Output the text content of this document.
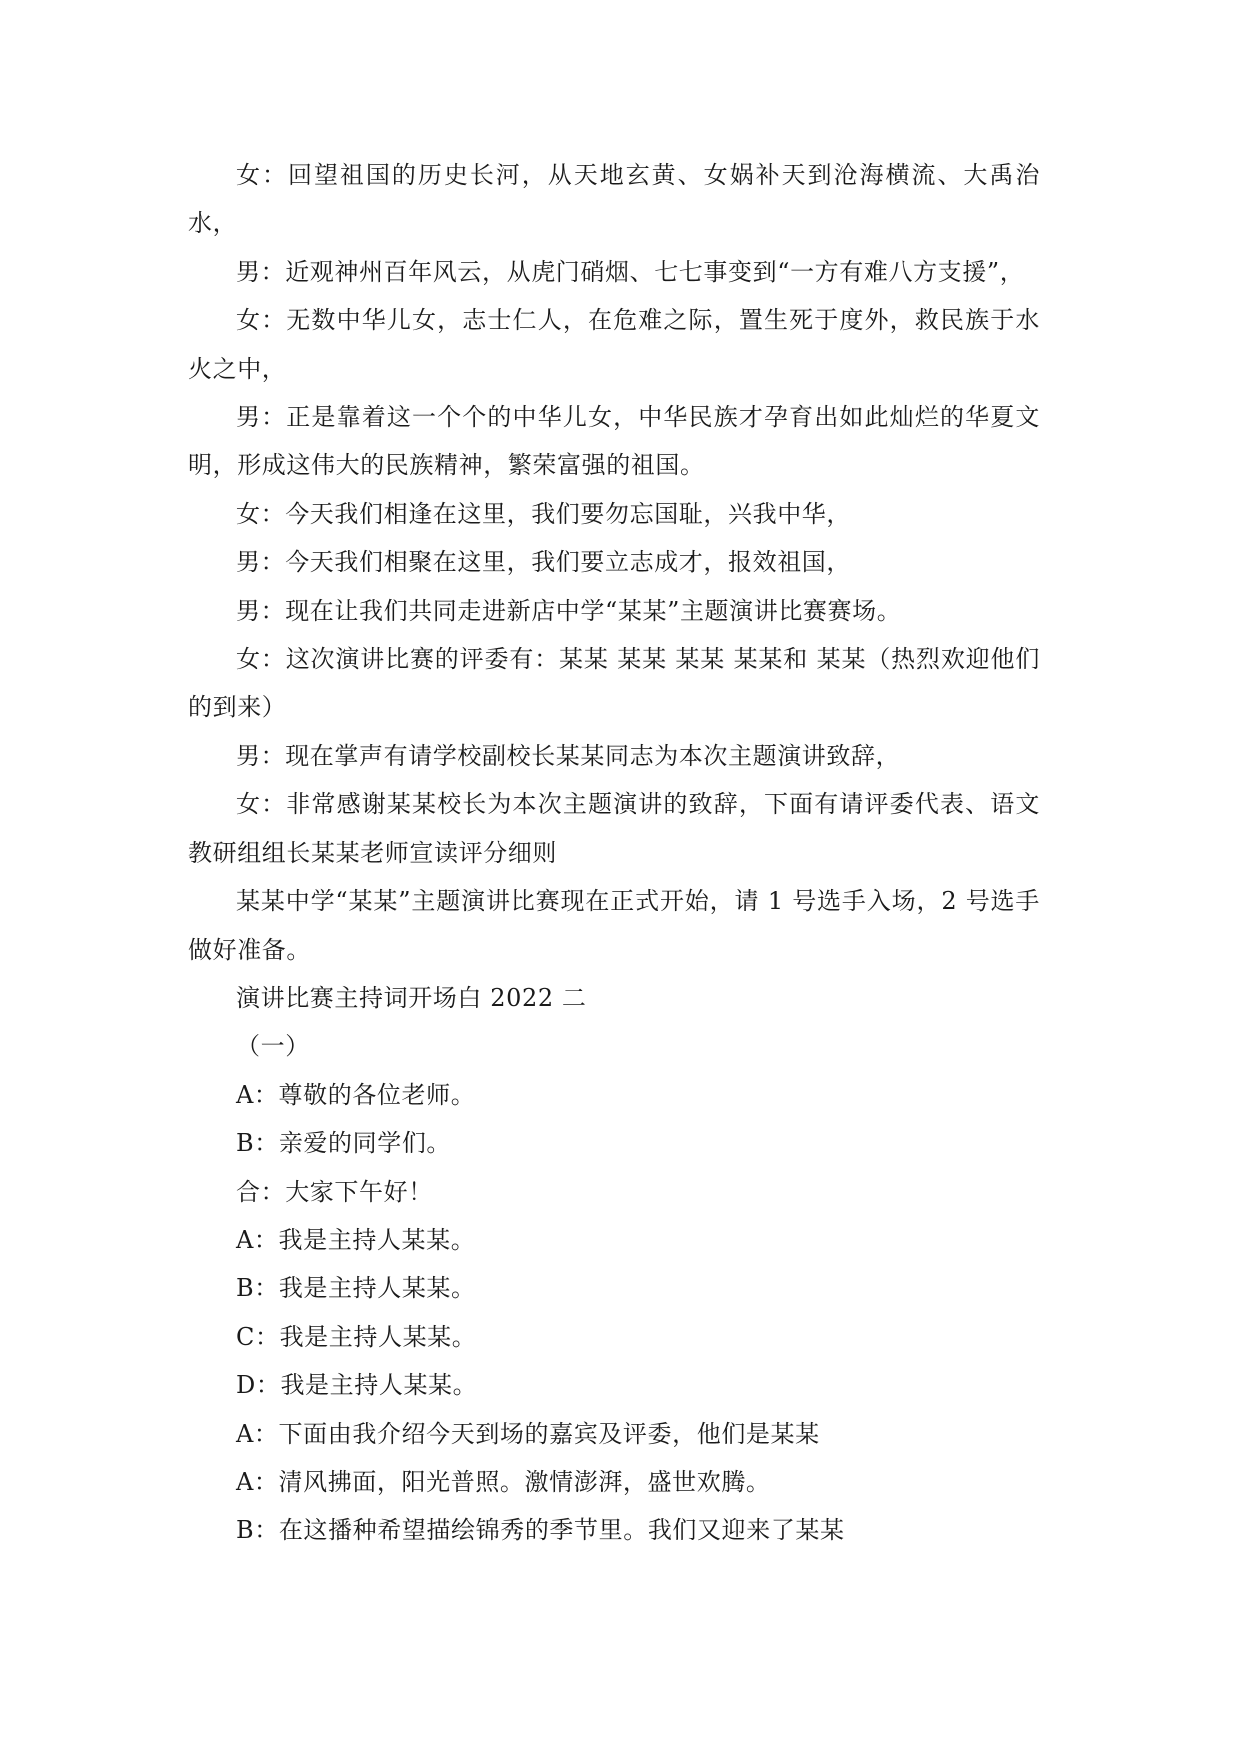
女：回望祖国的历史长河，从天地玄黄、女娲补天到沧海横流、大禹治水，

男：近观神州百年风云，从虎门硝烟、七七事变到“一方有难八方支援”，

女：无数中华儿女，志士仁人，在危难之际，置生死于度外，救民族于水火之中，

男：正是靠着这一个个的中华儿女，中华民族才孕育出如此灿烂的华夏文明，形成这伟大的民族精神，繁荣富强的祖国。

女：今天我们相逢在这里，我们要勿忘国耻，兴我中华，

男：今天我们相聚在这里，我们要立志成才，报效祖国，

男：现在让我们共同走进新店中学“某某”主题演讲比赛赛场。

女：这次演讲比赛的评委有：某某 某某 某某 某某和 某某（热烈欢迎他们的到来）

男：现在掌声有请学校副校长某某同志为本次主题演讲致辞，

女：非常感谢某某校长为本次主题演讲的致辞，下面有请评委代表、语文教研组组长某某老师宣读评分细则

某某中学“某某”主题演讲比赛现在正式开始，请 1 号选手入场，2 号选手做好准备。

演讲比赛主持词开场白 2022 二

（一）

A：尊敬的各位老师。

B：亲爱的同学们。

合：大家下午好！

A：我是主持人某某。

B：我是主持人某某。

C：我是主持人某某。

D：我是主持人某某。

A：下面由我介绍今天到场的嘉宾及评委，他们是某某

A：清风拂面，阳光普照。激情澎湃，盛世欢腾。

B：在这播种希望描绘锦秀的季节里。我们又迎来了某某
